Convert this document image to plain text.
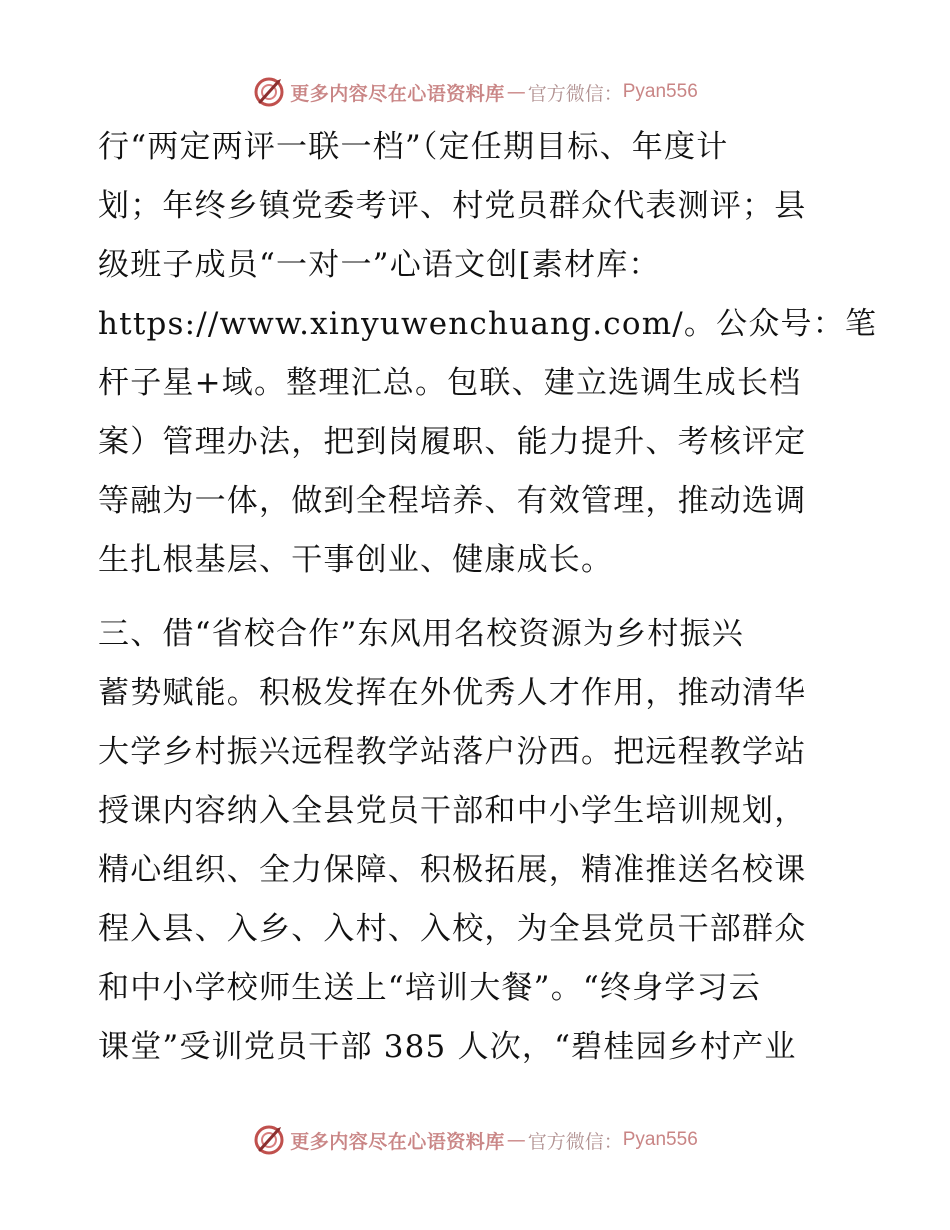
更多内容尽在心语资料库 — 官方微信： Pyan556
行“两定两评一联一档”（定任期目标、年度计
划；年终乡镇党委考评、村党员群众代表测评；县
级班子成员“一对一”心语文创[素材库：
https://www.xinyuwenchuang.com/。公众号：笔
杆子星+域。整理汇总。包联、建立选调生成长档
案）管理办法，把到岗履职、能力提升、考核评定
等融为一体，做到全程培养、有效管理，推动选调
生扎根基层、干事创业、健康成长。
三、借“省校合作”东风用名校资源为乡村振兴
蓄势赋能。积极发挥在外优秀人才作用，推动清华
大学乡村振兴远程教学站落户汾西。把远程教学站
授课内容纳入全县党员干部和中小学生培训规划，
精心组织、全力保障、积极拓展，精准推送名校课
程入县、入乡、入村、入校，为全县党员干部群众
和中小学校师生送上“培训大餐”。“终身学习云
课堂”受训党员干部 385 人次，“碧桂园乡村产业
更多内容尽在心语资料库 — 官方微信： Pyan556
